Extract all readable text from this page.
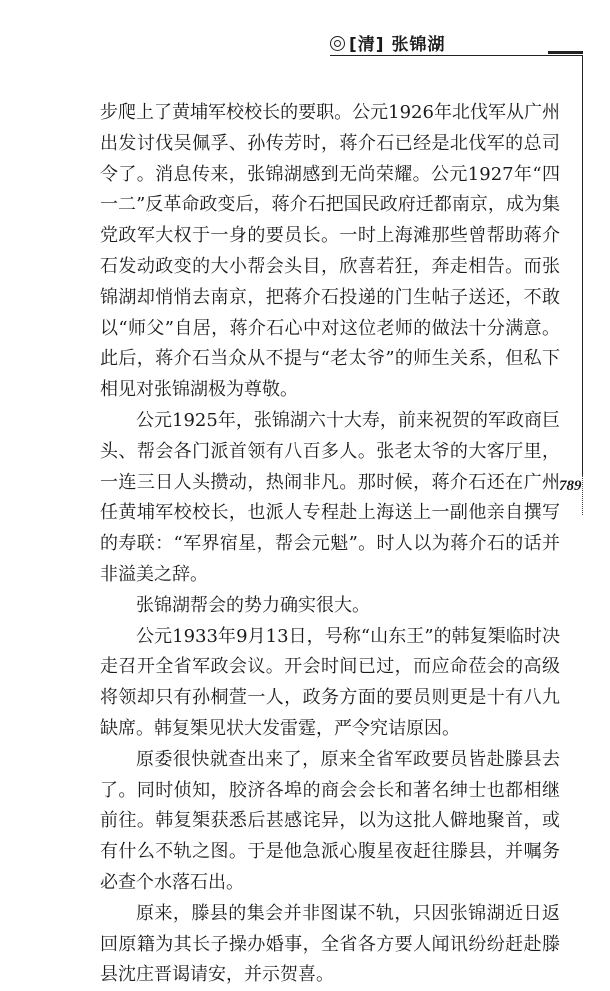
[清] 张锦湖
789

步爬上了黄埔军校校长的要职。公元1926年北伐军从广州出发讨伐吴佩孚、孙传芳时，蒋介石已经是北伐军的总司令了。消息传来，张锦湖感到无尚荣耀。公元1927年“四一二”反革命政变后，蒋介石把国民政府迁都南京，成为集党政军大权于一身的要员长。一时上海滩那些曾帮助蒋介石发动政变的大小帮会头目，欣喜若狂，奔走相告。而张锦湖却悄悄去南京，把蒋介石投递的门生帖子送还，不敢以“师父”自居，蒋介石心中对这位老师的做法十分满意。此后，蒋介石当众从不提与“老太爷”的师生关系，但私下相见对张锦湖极为尊敬。

公元1925年，张锦湖六十大寿，前来祝贺的军政商巨头、帮会各门派首领有八百多人。张老太爷的大客厅里，一连三日人头攒动，热闹非凡。那时候，蒋介石还在广州任黄埔军校校长，也派人专程赴上海送上一副他亲自撰写的寿联：“军界宿星，帮会元魁”。时人以为蒋介石的话并非溢美之辞。

张锦湖帮会的势力确实很大。

公元1933年9月13日，号称“山东王”的韩复榘临时决走召开全省军政会议。开会时间已过，而应命莅会的高级将领却只有孙桐萱一人，政务方面的要员则更是十有八九缺席。韩复榘见状大发雷霆，严令究诘原因。

原委很快就查出来了，原来全省军政要员皆赴滕县去了。同时侦知，胶济各埠的商会会长和著名绅士也都相继前往。韩复榘获悉后甚感诧异，以为这批人僻地聚首，或有什么不轨之图。于是他急派心腹星夜赶往滕县，并嘱务必查个水落石出。

原来，滕县的集会并非图谋不轨，只因张锦湖近日返回原籍为其长子操办婚事，全省各方要人闻讯纷纷赶赴滕县沈庄晋谒请安，并示贺喜。
